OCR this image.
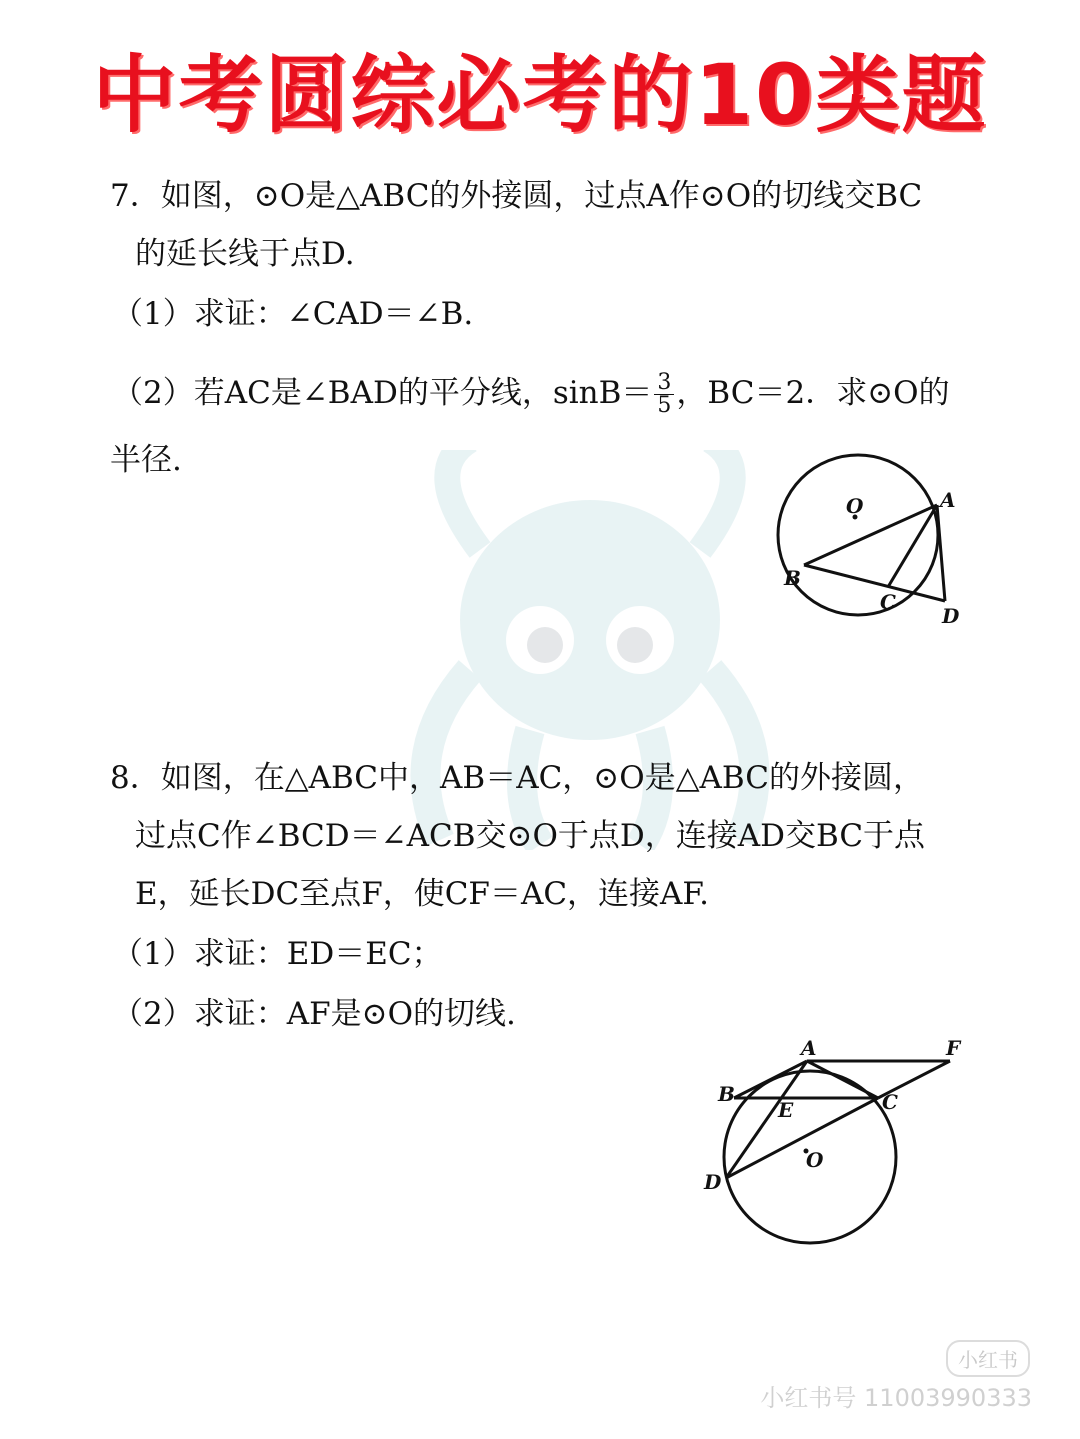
中考圆综必考的10类题
7．如图，⊙O是△ABC的外接圆，过点A作⊙O的切线交BC
的延长线于点D.
（1）求证：∠CAD＝∠B.
（2）若AC是∠BAD的平分线，$\sin B= \frac{3}{5}$ ，BC＝2．求⊙O的
半径.
O	A
B
C
D
8．如图，在△ABC中，AB＝AC，⊙O是△ABC的外接圆，
过点C作∠BCD＝∠ACB交⊙O于点D，连接AD交BC于点
E，延长DC至点F，使CF＝AC，连接AF.
（1）求证：ED＝EC；
（2）求证：AF是⊙O的切线.
A	F
B
E	C
O
D
小红书
小红书号 11003990333
